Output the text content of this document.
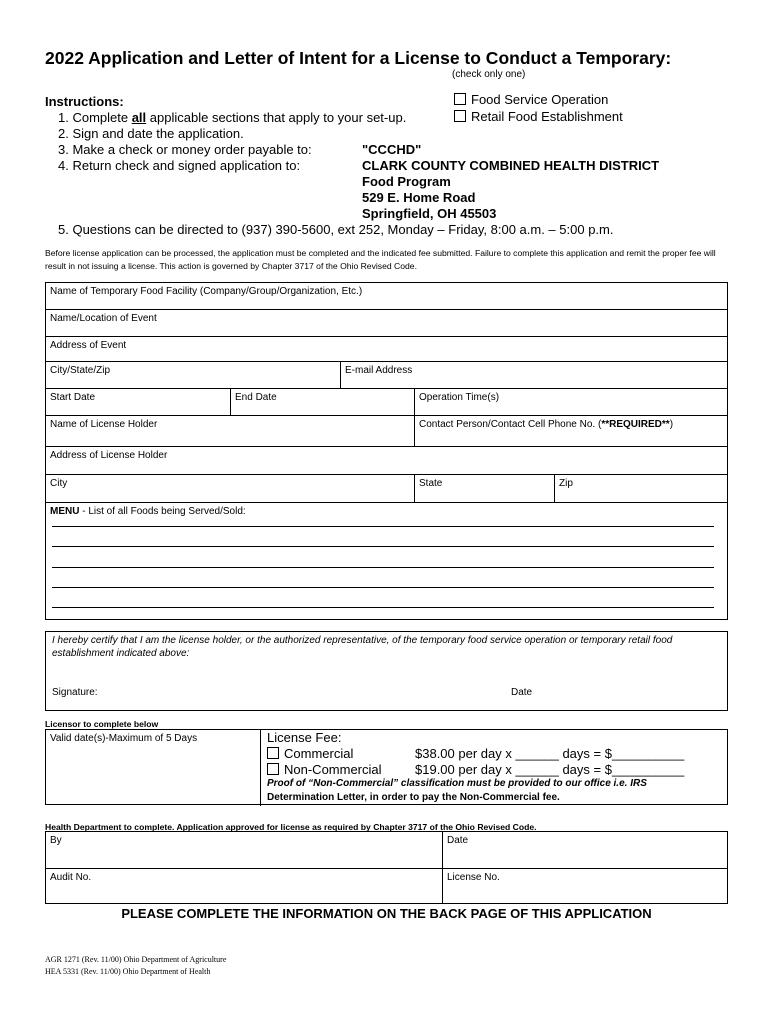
2022 Application and Letter of Intent for a License to Conduct a Temporary:
(check only one)
Food Service Operation
Retail Food Establishment
Instructions:
1. Complete all applicable sections that apply to your set-up.
2. Sign and date the application.
3. Make a check or money order payable to:
4. Return check and signed application to:
"CCCHD"
CLARK COUNTY COMBINED HEALTH DISTRICT
Food Program
529 E. Home Road
Springfield, OH 45503
5. Questions can be directed to (937) 390-5600, ext 252, Monday – Friday, 8:00 a.m. – 5:00 p.m.
Before license application can be processed, the application must be completed and the indicated fee submitted. Failure to complete this application and remit the proper fee will result in not issuing a license. This action is governed by Chapter 3717 of the Ohio Revised Code.
Name of Temporary Food Facility (Company/Group/Organization, Etc.)
Name/Location of Event
Address of Event
City/State/Zip	E-mail Address
Start Date	End Date	Operation Time(s)
Name of License Holder	Contact Person/Contact Cell Phone No. (**REQUIRED**)
Address of License Holder
City	State	Zip
MENU - List of all Foods being Served/Sold:
I hereby certify that I am the license holder, or the authorized representative, of the temporary food service operation or temporary retail food establishment indicated above:
Signature:	Date
Licensor to complete below
Valid date(s)-Maximum of 5 Days	License Fee:
Commercial	$38.00 per day x ______ days = $__________
Non-Commercial	$19.00 per day x ______ days = $__________
Proof of “Non-Commercial” classification must be provided to our office i.e. IRS
Determination Letter, in order to pay the Non-Commercial fee.
Health Department to complete. Application approved for license as required by Chapter 3717 of the Ohio Revised Code.
By	Date
Audit No.	License No.
PLEASE COMPLETE THE INFORMATION ON THE BACK PAGE OF THIS APPLICATION
AGR 1271 (Rev. 11/00) Ohio Department of Agriculture
HEA 5331 (Rev. 11/00) Ohio Department of Health
